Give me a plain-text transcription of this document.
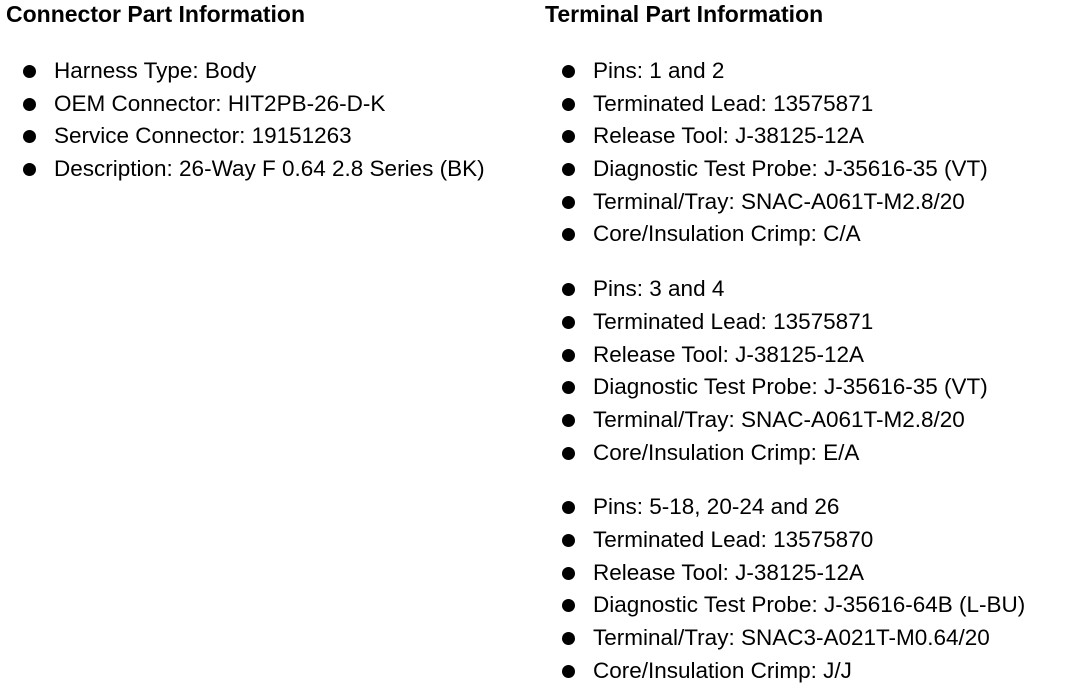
Connector Part Information
Harness Type: Body
OEM Connector: HIT2PB-26-D-K
Service Connector: 19151263
Description: 26-Way F 0.64 2.8 Series (BK)
Terminal Part Information
Pins: 1 and 2
Terminated Lead: 13575871
Release Tool: J-38125-12A
Diagnostic Test Probe: J-35616-35 (VT)
Terminal/Tray: SNAC-A061T-M2.8/20
Core/Insulation Crimp: C/A
Pins: 3 and 4
Terminated Lead: 13575871
Release Tool: J-38125-12A
Diagnostic Test Probe: J-35616-35 (VT)
Terminal/Tray: SNAC-A061T-M2.8/20
Core/Insulation Crimp: E/A
Pins: 5-18, 20-24 and 26
Terminated Lead: 13575870
Release Tool: J-38125-12A
Diagnostic Test Probe: J-35616-64B (L-BU)
Terminal/Tray: SNAC3-A021T-M0.64/20
Core/Insulation Crimp: J/J
